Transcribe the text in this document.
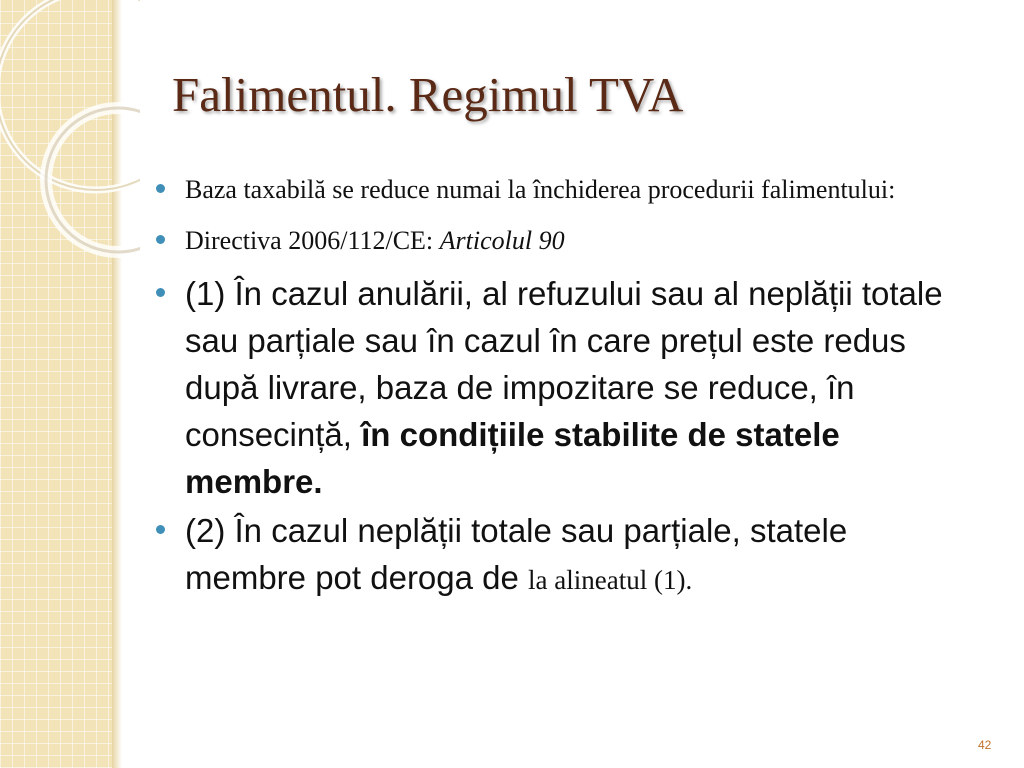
Falimentul. Regimul TVA
Baza taxabilă se reduce numai la închiderea procedurii falimentului:
Directiva 2006/112/CE: Articolul 90
(1) În cazul anulării, al refuzului sau al neplății totale sau parțiale sau în cazul în care prețul este redus după livrare, baza de impozitare se reduce, în consecință, în condițiile stabilite de statele membre.
(2) În cazul neplății totale sau parțiale, statele membre pot deroga de la alineatul (1).
42
